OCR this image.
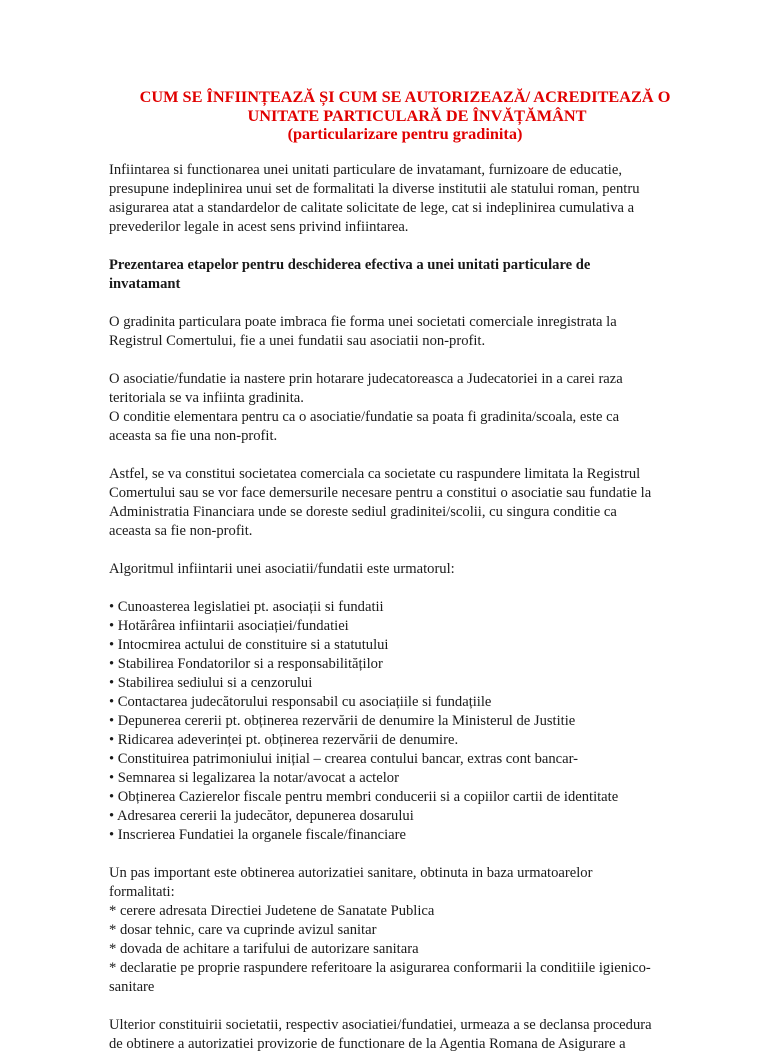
CUM SE ÎNFIINȚEAZĂ ȘI CUM SE AUTORIZEAZĂ/ ACREDITEAZĂ O
UNITATE PARTICULARĂ DE ÎNVĂȚĂMÂNT
(particularizare pentru gradinita)

Infiintarea si functionarea unei unitati particulare de invatamant, furnizoare de educatie,

presupune indeplinirea unui set de formalitati la diverse institutii ale statului roman, pentru

asigurarea atat a standardelor de calitate solicitate de lege, cat si indeplinirea cumulativa a

prevederilor legale in acest sens privind infiintarea.

Prezentarea etapelor pentru deschiderea efectiva a unei unitati particulare de

invatamant

O gradinita particulara poate imbraca fie forma unei societati comerciale inregistrata la

Registrul Comertului, fie a unei fundatii sau asociatii non-profit.

O asociatie/fundatie ia nastere prin hotarare judecatoreasca a Judecatoriei in a carei raza

teritoriala se va infiinta gradinita.

O conditie elementara pentru ca o asociatie/fundatie sa poata fi gradinita/scoala, este ca

aceasta sa fie una non-profit.

Astfel, se va constitui societatea comerciala ca societate cu raspundere limitata la Registrul

Comertului sau se vor face demersurile necesare pentru a constitui o asociatie sau fundatie la

Administratia Financiara unde se doreste sediul gradinitei/scolii, cu singura conditie ca

aceasta sa fie non-profit.

Algoritmul infiintarii unei asociatii/fundatii este urmatorul:

• Cunoasterea legislatiei pt. asociații si fundatii
• Hotărârea infiintarii asociației/fundatiei
• Intocmirea actului de constituire si a statutului
• Stabilirea Fondatorilor si a responsabilităților
• Stabilirea sediului si a cenzorului
• Contactarea judecătorului responsabil cu asociațiile si fundațiile
• Depunerea cererii pt. obținerea rezervării de denumire la Ministerul de Justitie
• Ridicarea adeverinței pt. obținerea rezervării de denumire.
• Constituirea patrimoniului inițial – crearea contului bancar, extras cont bancar-
• Semnarea si legalizarea la notar/avocat a actelor
• Obținerea Cazierelor fiscale pentru membri conducerii si a copiilor cartii de identitate
• Adresarea cererii la judecător, depunerea dosarului
• Inscrierea Fundatiei la organele fiscale/financiare

Un pas important este obtinerea autorizatiei sanitare, obtinuta in baza urmatoarelor

formalitati:

* cerere adresata Directiei Judetene de Sanatate Publica

* dosar tehnic, care va cuprinde avizul sanitar

* dovada de achitare a tarifului de autorizare sanitara

* declaratie pe proprie raspundere referitoare la asigurarea conformarii la conditiile igienico-

sanitare

Ulterior constituirii societatii, respectiv asociatiei/fundatiei, urmeaza a se declansa procedura

de obtinere a autorizatiei provizorie de functionare de la Agentia Romana de Asigurare a
